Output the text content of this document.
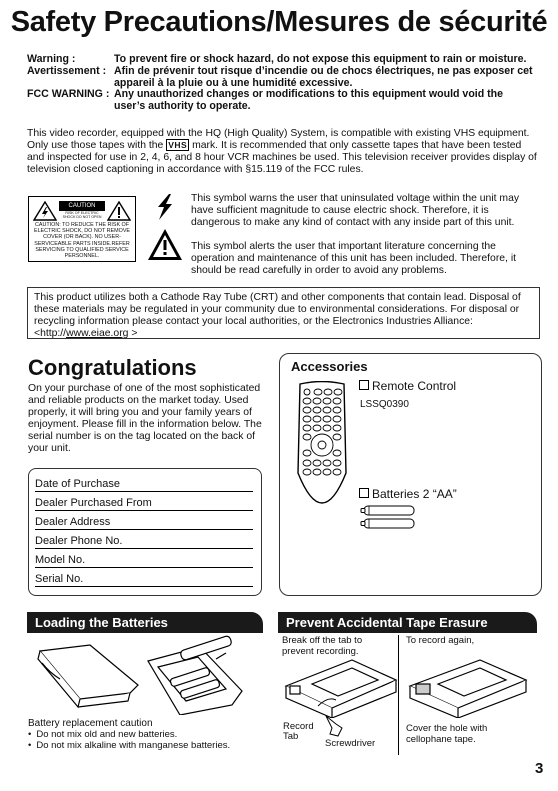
Safety Precautions/Mesures de sécurité
Warning :	To prevent fire or shock hazard, do not expose this equipment to rain or moisture.
Avertissement : Afin de prévenir tout risque d’incendie ou de chocs électriques, ne pas exposer cet appareil à la pluie ou à une humidité excessive.
FCC WARNING : Any unauthorized changes or modifications to this equipment would void the user’s authority to operate.
This video recorder, equipped with the HQ (High Quality) System, is compatible with existing VHS equipment. Only use those tapes with the VHS mark. It is recommended that only cassette tapes that have been tested and inspected for use in 2, 4, 6, and 8 hour VCR machines be used. This television receiver provides display of television closed captioning in accordance with §15.119 of the FCC rules.
CAUTION
RISK OF ELECTRIC SHOCK DO NOT OPEN
CAUTION: TO REDUCE THE RISK OF ELECTRIC SHOCK, DO NOT REMOVE COVER (OR BACK). NO USER-SERVICEABLE PARTS INSIDE.REFER SERVICING TO QUALIFIED SERVICE PERSONNEL.
This symbol warns the user that uninsulated voltage within the unit may have sufficient magnitude to cause electric shock. Therefore, it is dangerous to make any kind of contact with any inside part of this unit.
This symbol alerts the user that important literature concerning the operation and maintenance of this unit has been included. Therefore, it should be read carefully in order to avoid any problems.
This product utilizes both a Cathode Ray Tube (CRT) and other components that contain lead. Disposal of these materials may be regulated in your community due to environmental considerations. For disposal or recycling information please contact your local authorities, or the Electronics Industries Alliance: <http://www.eiae.org >
Congratulations
On your purchase of one of the most sophisticated and reliable products on the market today. Used properly, it will bring you and your family years of enjoyment. Please fill in the information below. The serial number is on the tag located on the back of your unit.
Date of Purchase
Dealer Purchased From
Dealer Address
Dealer Phone No.
Model No.
Serial No.
Accessories
Remote Control
LSSQ0390
Batteries 2 “AA”
Loading the Batteries
Battery replacement caution
• Do not mix old and new batteries.
• Do not mix alkaline with manganese batteries.
Prevent Accidental Tape Erasure
Break off the tab to prevent recording.
To record again,
Record Tab
Screwdriver
Cover the hole with cellophane tape.
3
